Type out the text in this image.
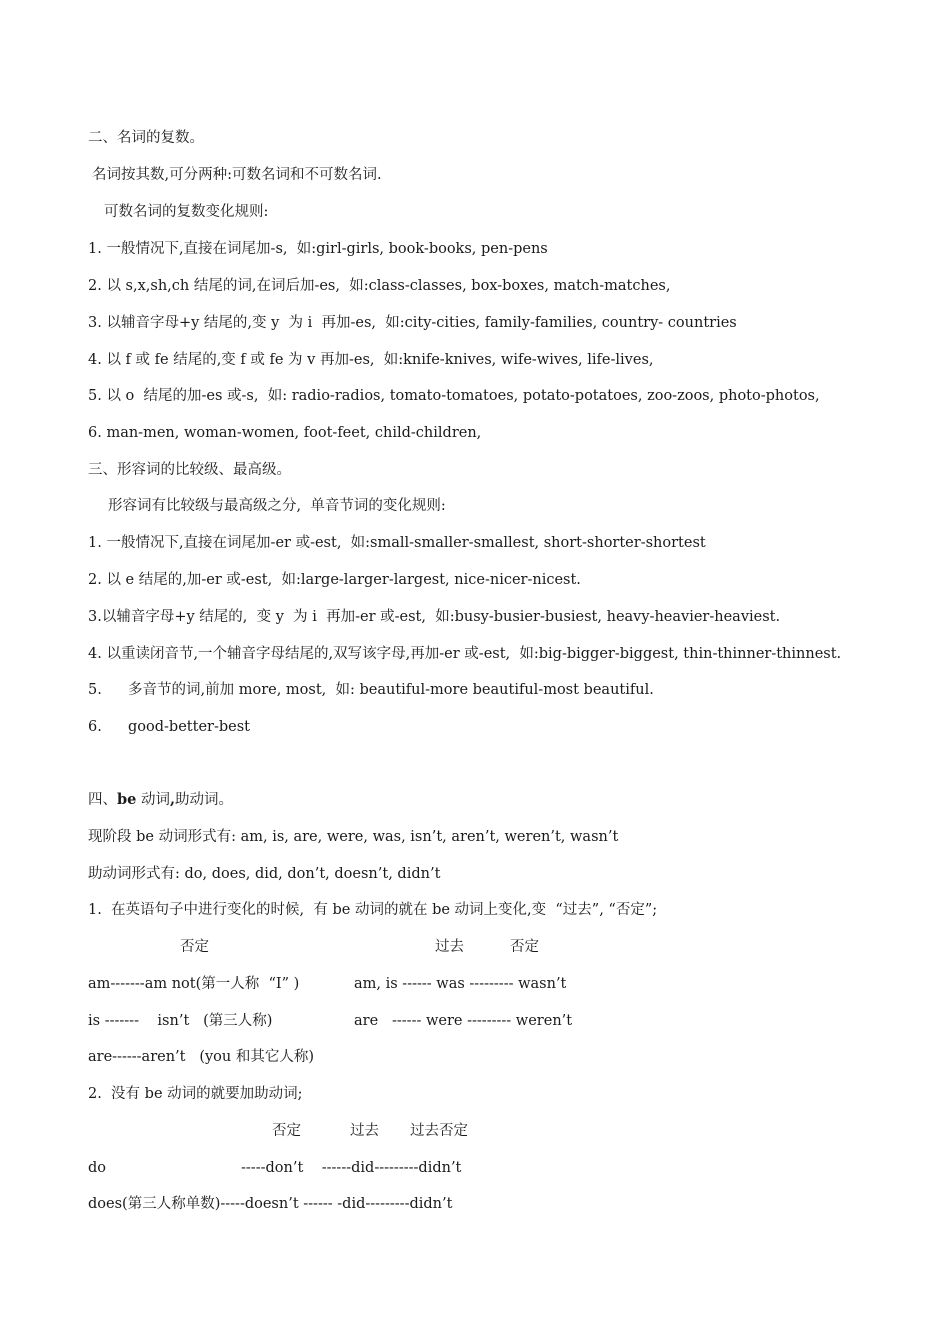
二、名词的复数。
名词按其数,可分两种:可数名词和不可数名词.
可数名词的复数变化规则:
1. 一般情况下,直接在词尾加-s,  如:girl-girls, book-books, pen-pens
2. 以 s,x,sh,ch 结尾的词,在词后加-es,  如:class-classes, box-boxes, match-matches,
3. 以辅音字母+y 结尾的,变 y  为 i  再加-es,  如:city-cities, family-families, country- countries
4. 以 f 或 fe 结尾的,变 f 或 fe 为 v 再加-es,  如:knife-knives, wife-wives, life-lives,
5. 以 o  结尾的加-es 或-s,  如: radio-radios, tomato-tomatoes, potato-potatoes, zoo-zoos, photo-photos,
6. man-men, woman-women, foot-feet, child-children,
三、形容词的比较级、最高级。
形容词有比较级与最高级之分,  单音节词的变化规则:
1. 一般情况下,直接在词尾加-er 或-est,  如:small-smaller-smallest, short-shorter-shortest
2. 以 e 结尾的,加-er 或-est,  如:large-larger-largest, nice-nicer-nicest.
3.以辅音字母+y 结尾的,  变 y  为 i  再加-er 或-est,  如:busy-busier-busiest, heavy-heavier-heaviest.
4. 以重读闭音节,一个辅音字母结尾的,双写该字母,再加-er 或-est,  如:big-bigger-biggest, thin-thinner-thinnest.
5. 多音节的词,前加 more, most,  如: beautiful-more beautiful-most beautiful.
6. good-better-best
四、be 动词,助动词。
现阶段 be 动词形式有: am, is, are, were, was, isn’t, aren’t, weren’t, wasn’t
助动词形式有: do, does, did, don’t, doesn’t, didn’t
1.  在英语句子中进行变化的时候,  有 be 动词的就在 be 动词上变化,变  “过去”, “否定”;
否定	过去	否定
am-------am not(第一人称  “I” )	am, is ------ was --------- wasn’t
is -------    isn’t   (第三人称)	are   ------ were --------- weren’t
are------aren’t   (you 和其它人称)
2.  没有 be 动词的就要加助动词;
否定	过去 过去否定
do	-----don’t    ------did---------didn’t
does(第三人称单数)-----doesn’t ------ -did---------didn’t
